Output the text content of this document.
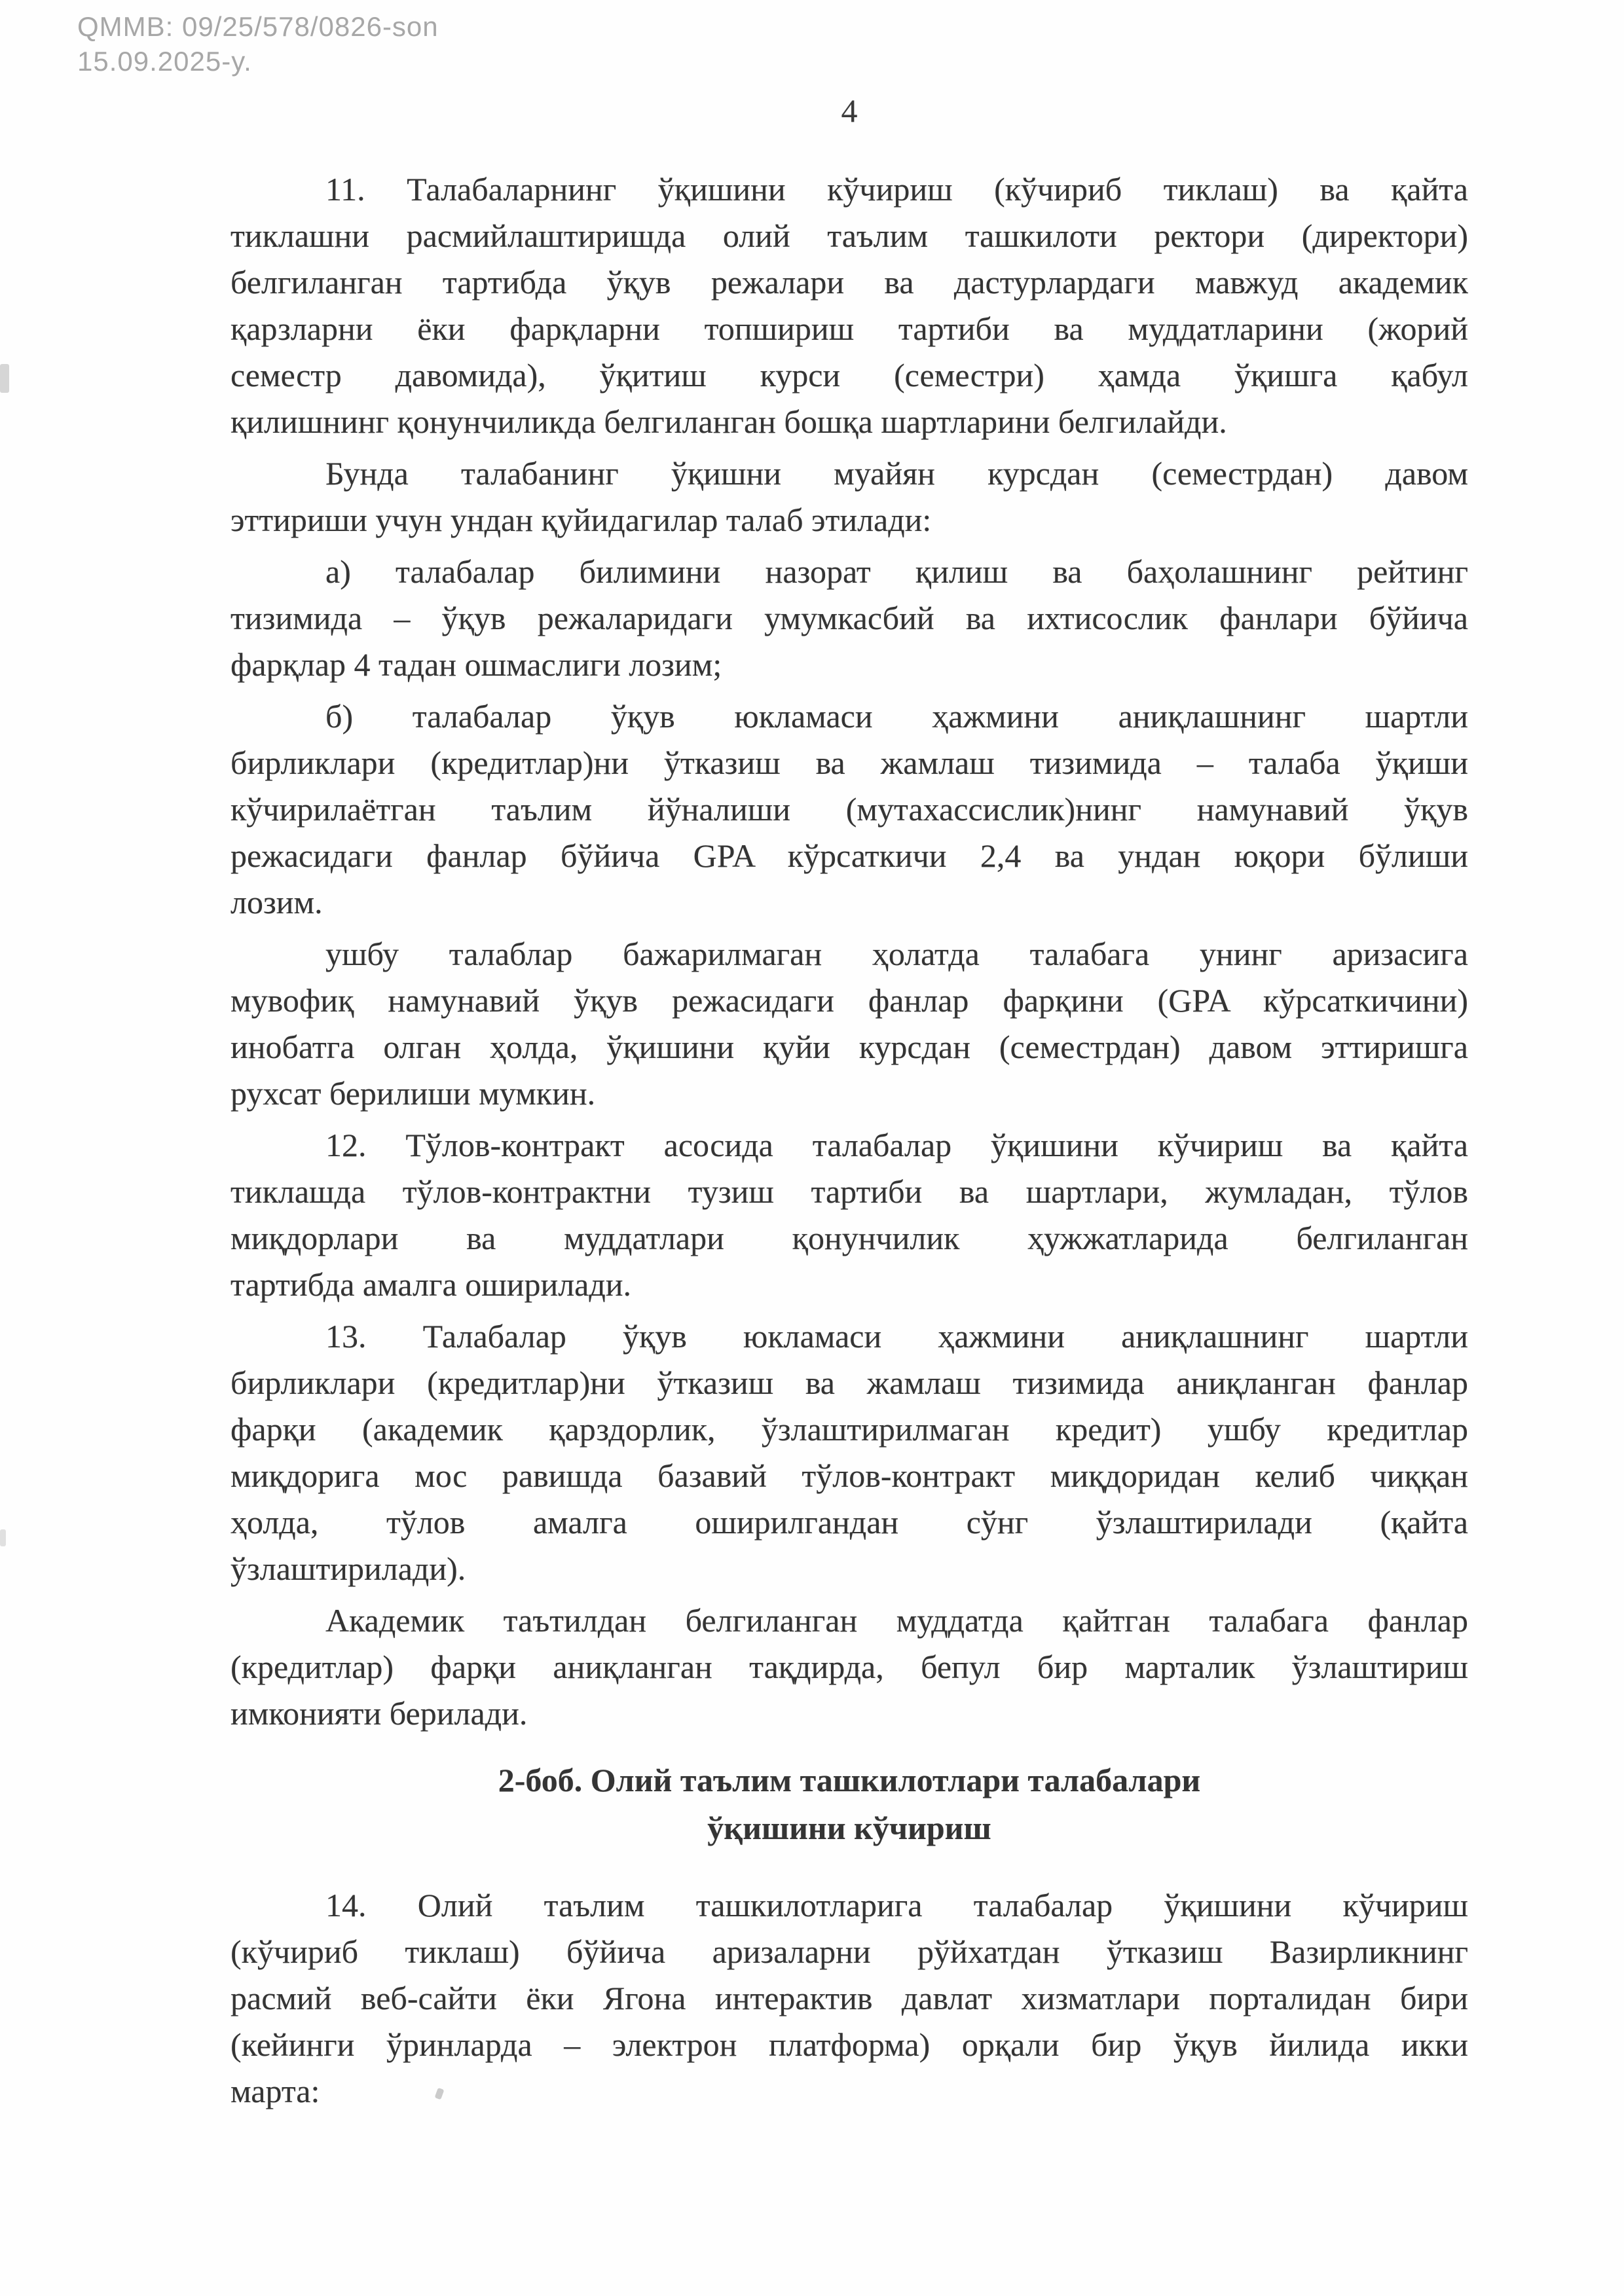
QMMB: 09/25/578/0826-son
15.09.2025-y.
4
11. Талабаларнинг ўқишини кўчириш (кўчириб тиклаш) ва қайта
тиклашни расмийлаштиришда олий таълим ташкилоти ректори (директори)
белгиланган тартибда ўқув режалари ва дастурлардаги мавжуд академик
қарзларни ёки фарқларни топшириш тартиби ва муддатларини (жорий
семестр давомида), ўқитиш курси (семестри) ҳамда ўқишга қабул
қилишнинг қонунчиликда белгиланган бошқа шартларини белгилайди.
Бунда талабанинг ўқишни муайян курсдан (семестрдан) давом
эттириши учун ундан қуйидагилар талаб этилади:
а) талабалар билимини назорат қилиш ва баҳолашнинг рейтинг
тизимида – ўқув режаларидаги умумкасбий ва ихтисослик фанлари бўйича
фарқлар 4 тадан ошмаслиги лозим;
б) талабалар ўқув юкламаси ҳажмини аниқлашнинг шартли
бирликлари (кредитлар)ни ўтказиш ва жамлаш тизимида – талаба ўқиши
кўчирилаётган таълим йўналиши (мутахассислик)нинг намунавий ўқув
режасидаги фанлар бўйича GPA кўрсаткичи 2,4 ва ундан юқори бўлиши
лозим.
ушбу талаблар бажарилмаган ҳолатда талабага унинг аризасига
мувофиқ намунавий ўқув режасидаги фанлар фарқини (GPA кўрсаткичини)
инобатга олган ҳолда, ўқишини қуйи курсдан (семестрдан) давом эттиришга
рухсат берилиши мумкин.
12. Тўлов-контракт асосида талабалар ўқишини кўчириш ва қайта
тиклашда тўлов-контрактни тузиш тартиби ва шартлари, жумладан, тўлов
миқдорлари ва муддатлари қонунчилик ҳужжатларида белгиланган
тартибда амалга оширилади.
13. Талабалар ўқув юкламаси ҳажмини аниқлашнинг шартли
бирликлари (кредитлар)ни ўтказиш ва жамлаш тизимида аниқланган фанлар
фарқи (академик қарздорлик, ўзлаштирилмаган кредит) ушбу кредитлар
миқдорига мос равишда базавий тўлов-контракт миқдоридан келиб чиққан
ҳолда, тўлов амалга оширилгандан сўнг ўзлаштирилади (қайта
ўзлаштирилади).
Академик таътилдан белгиланган муддатда қайтган талабага фанлар
(кредитлар) фарқи аниқланган тақдирда, бепул бир марталик ўзлаштириш
имконияти берилади.
2-боб. Олий таълим ташкилотлари талабалари
ўқишини кўчириш
14. Олий таълим ташкилотларига талабалар ўқишини кўчириш
(кўчириб тиклаш) бўйича аризаларни рўйхатдан ўтказиш Вазирликнинг
расмий веб-сайти ёки Ягона интерактив давлат хизматлари порталидан бири
(кейинги ўринларда – электрон платформа) орқали бир ўқув йилида икки
марта:
